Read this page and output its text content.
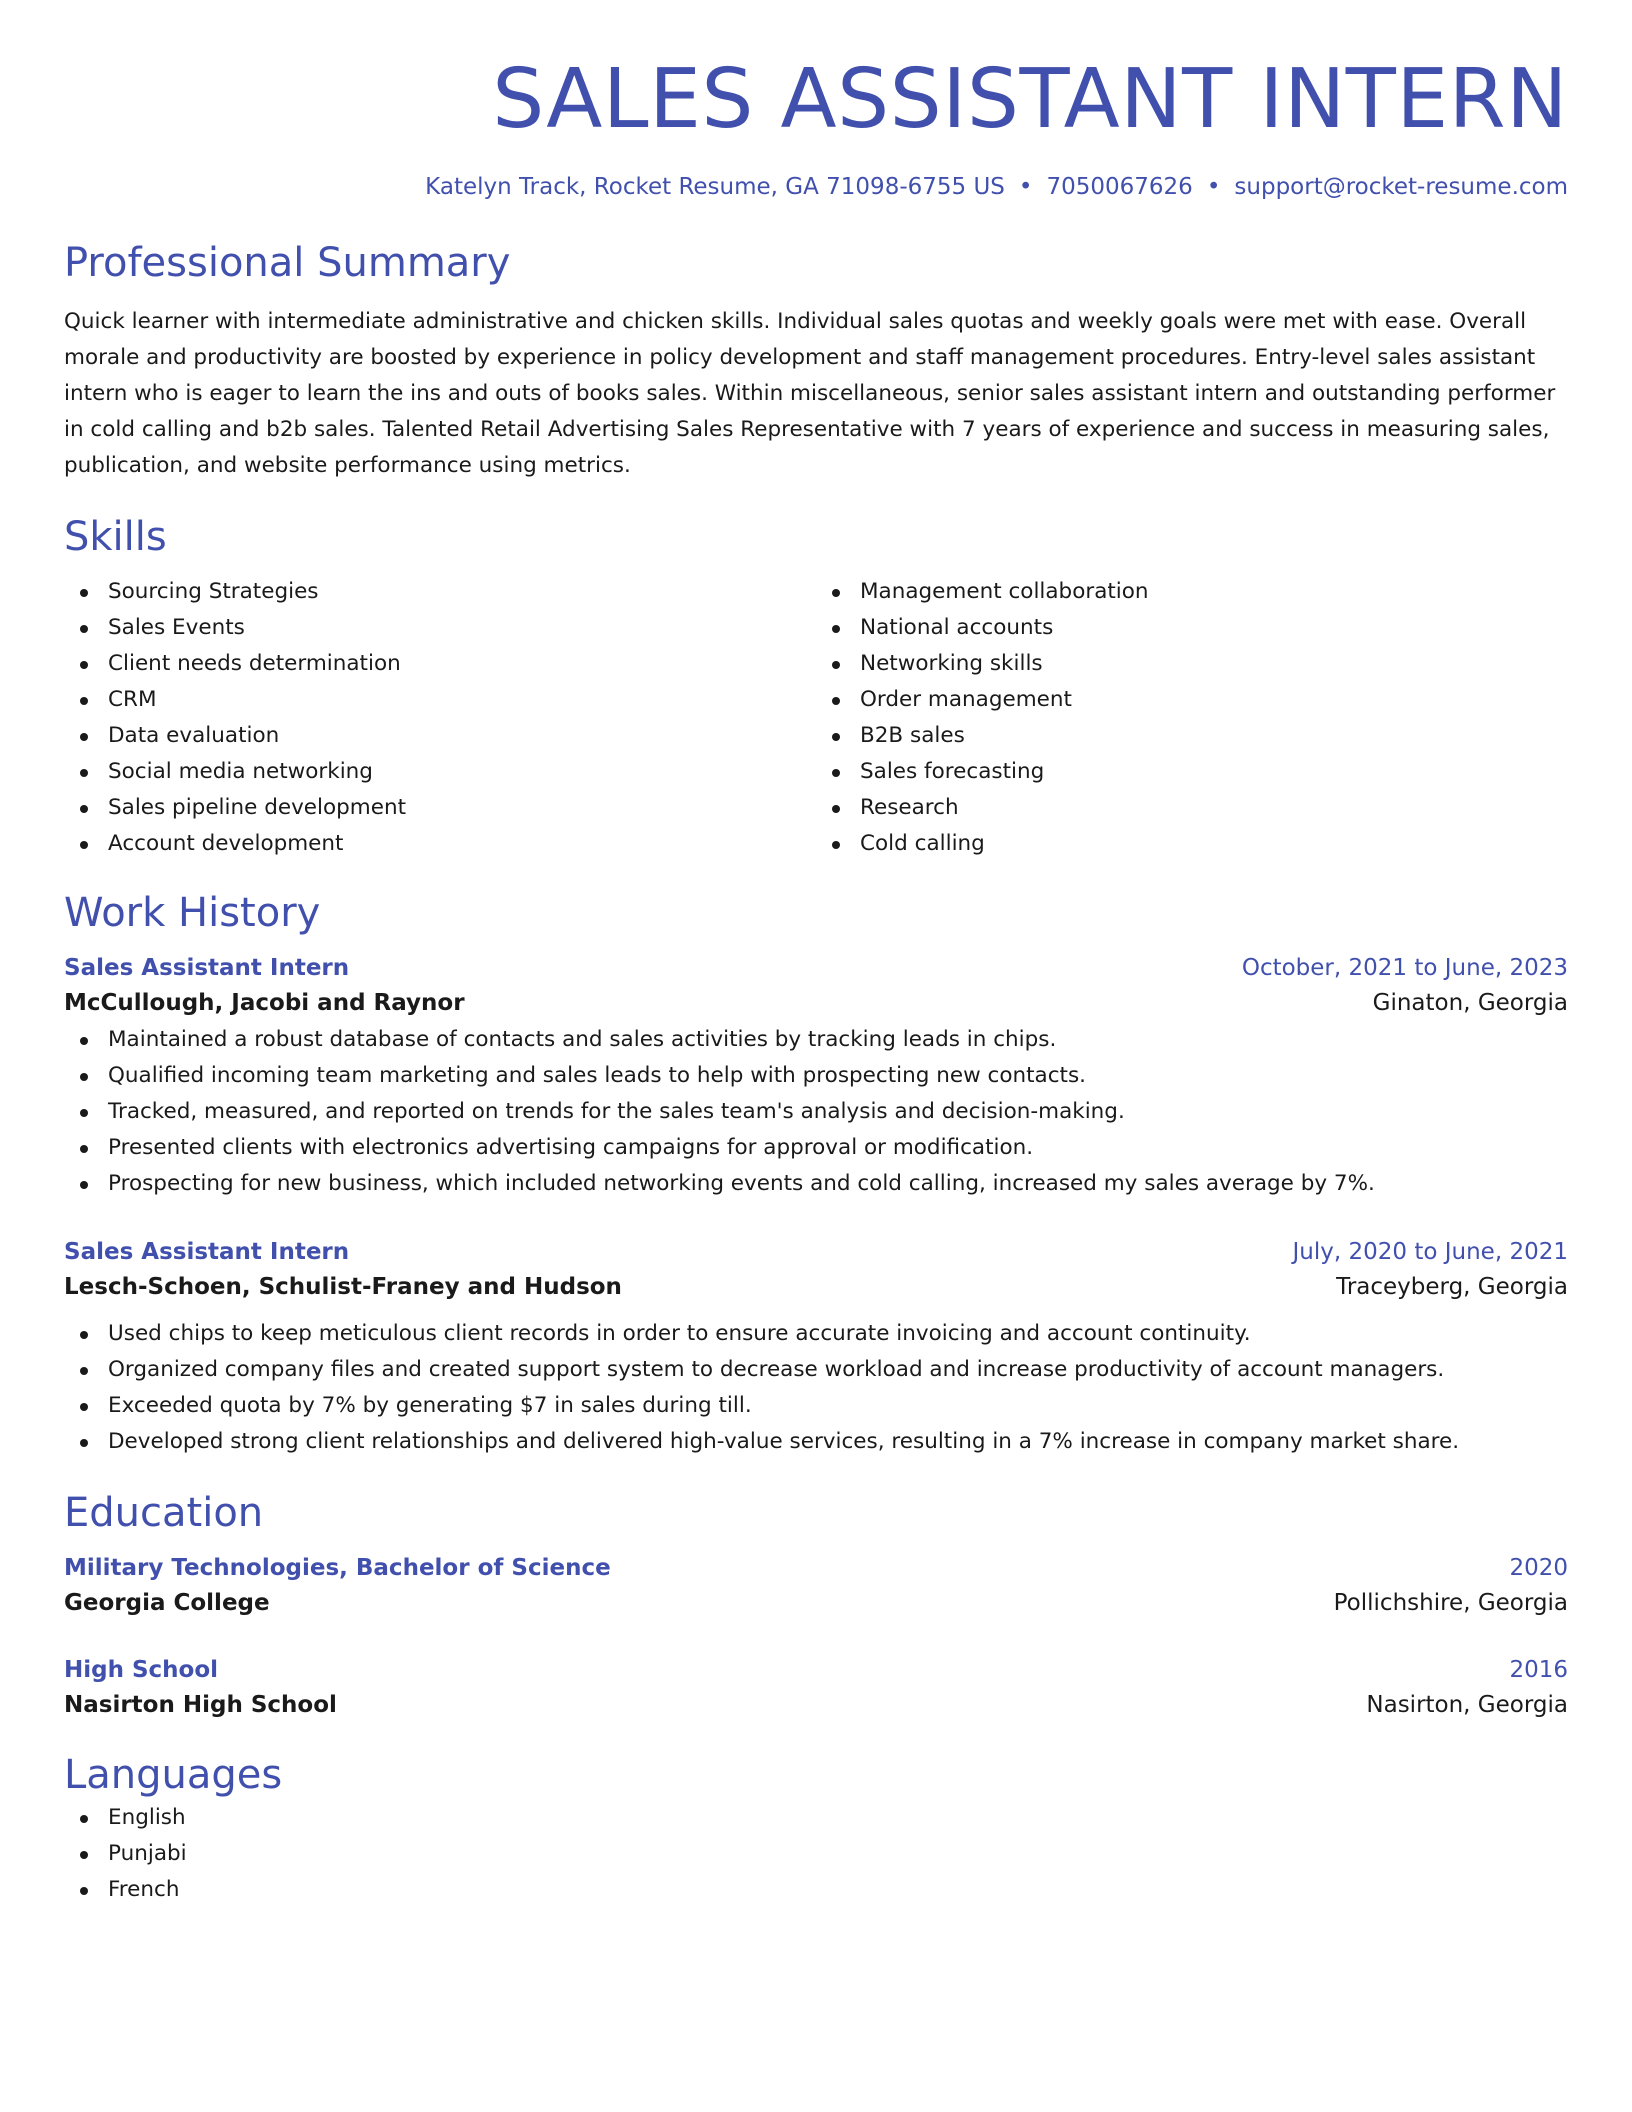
SALES ASSISTANT INTERN
Katelyn Track, Rocket Resume, GA 71098-6755 US • 7050067626 • support@rocket-resume.com
Professional Summary
Quick learner with intermediate administrative and chicken skills. Individual sales quotas and weekly goals were met with ease. Overall morale and productivity are boosted by experience in policy development and staff management procedures. Entry-level sales assistant intern who is eager to learn the ins and outs of books sales. Within miscellaneous, senior sales assistant intern and outstanding performer in cold calling and b2b sales. Talented Retail Advertising Sales Representative with 7 years of experience and success in measuring sales, publication, and website performance using metrics.
Skills
Sourcing Strategies
Sales Events
Client needs determination
CRM
Data evaluation
Social media networking
Sales pipeline development
Account development
Management collaboration
National accounts
Networking skills
Order management
B2B sales
Sales forecasting
Research
Cold calling
Work History
Sales Assistant Intern	October, 2021 to June, 2023
McCullough, Jacobi and Raynor	Ginaton, Georgia
Maintained a robust database of contacts and sales activities by tracking leads in chips.
Qualified incoming team marketing and sales leads to help with prospecting new contacts.
Tracked, measured, and reported on trends for the sales team's analysis and decision-making.
Presented clients with electronics advertising campaigns for approval or modification.
Prospecting for new business, which included networking events and cold calling, increased my sales average by 7%.
Sales Assistant Intern	July, 2020 to June, 2021
Lesch-Schoen, Schulist-Franey and Hudson	Traceyberg, Georgia
Used chips to keep meticulous client records in order to ensure accurate invoicing and account continuity.
Organized company files and created support system to decrease workload and increase productivity of account managers.
Exceeded quota by 7% by generating $7 in sales during till.
Developed strong client relationships and delivered high-value services, resulting in a 7% increase in company market share.
Education
Military Technologies, Bachelor of Science	2020
Georgia College	Pollichshire, Georgia
High School	2016
Nasirton High School	Nasirton, Georgia
Languages
English
Punjabi
French
